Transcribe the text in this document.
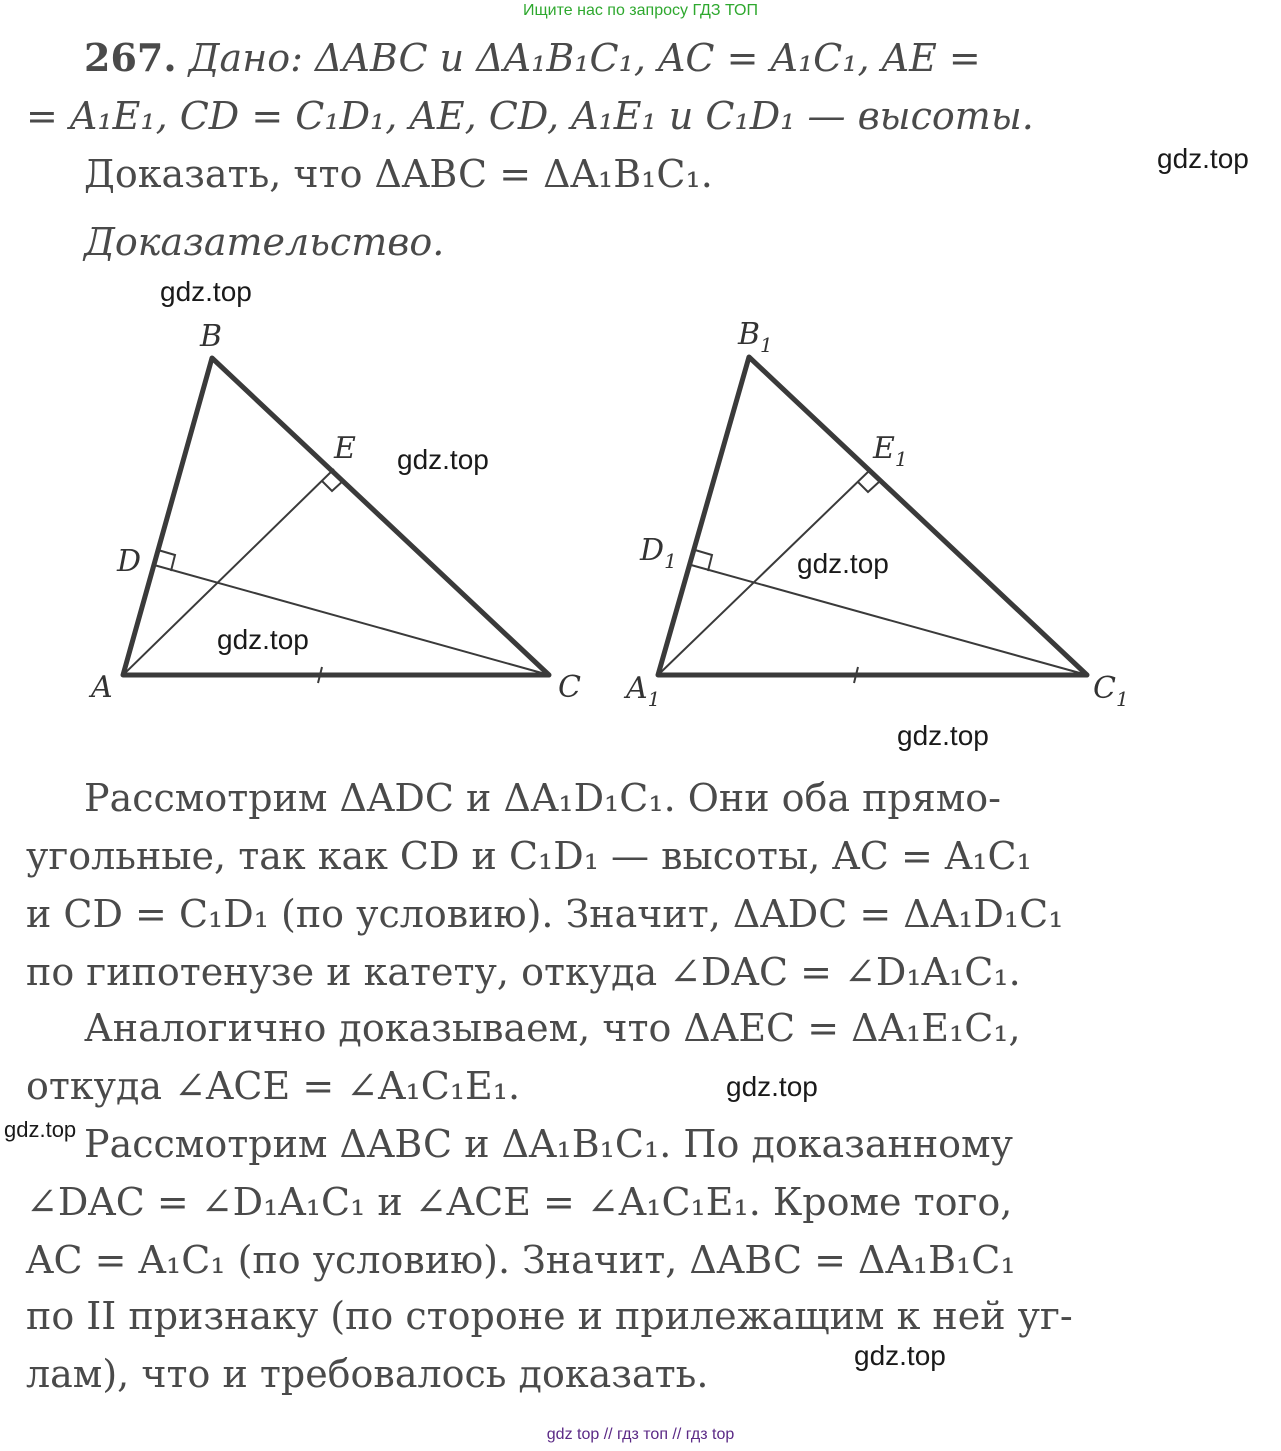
Ищите нас по запросу ГДЗ ТОП
267. Дано: ΔABC и ΔA₁B₁C₁, AC = A₁C₁, AE =
= A₁E₁, CD = C₁D₁, AE, CD, A₁E₁ и C₁D₁ — высоты.
Доказать, что ΔABC = ΔA₁B₁C₁.
Доказательство.
B
E
D
A	C
$B_1$
$E_1$
$D_1$
$A_1$	$C_1$
Рассмотрим ΔADC и ΔA₁D₁C₁. Они оба прямо-
угольные, так как CD и C₁D₁ — высоты, AC = A₁C₁
и CD = C₁D₁ (по условию). Значит, ΔADC = ΔA₁D₁C₁
по гипотенузе и катету, откуда ∠DAC = ∠D₁A₁C₁.
Аналогично доказываем, что ΔAEC = ΔA₁E₁C₁,
откуда ∠ACE = ∠A₁C₁E₁.
Рассмотрим ΔABC и ΔA₁B₁C₁. По доказанному
∠DAC = ∠D₁A₁C₁ и ∠ACE = ∠A₁C₁E₁. Кроме того,
AC = A₁C₁ (по условию). Значит, ΔABC = ΔA₁B₁C₁
по II признаку (по стороне и прилежащим к ней уг-
лам), что и требовалось доказать.
gdz.top
gdz.top
gdz.top
gdz.top
gdz.top
gdz.top
gdz.top
gdz.top
gdz.top
gdz top // гдз топ // гдз top
